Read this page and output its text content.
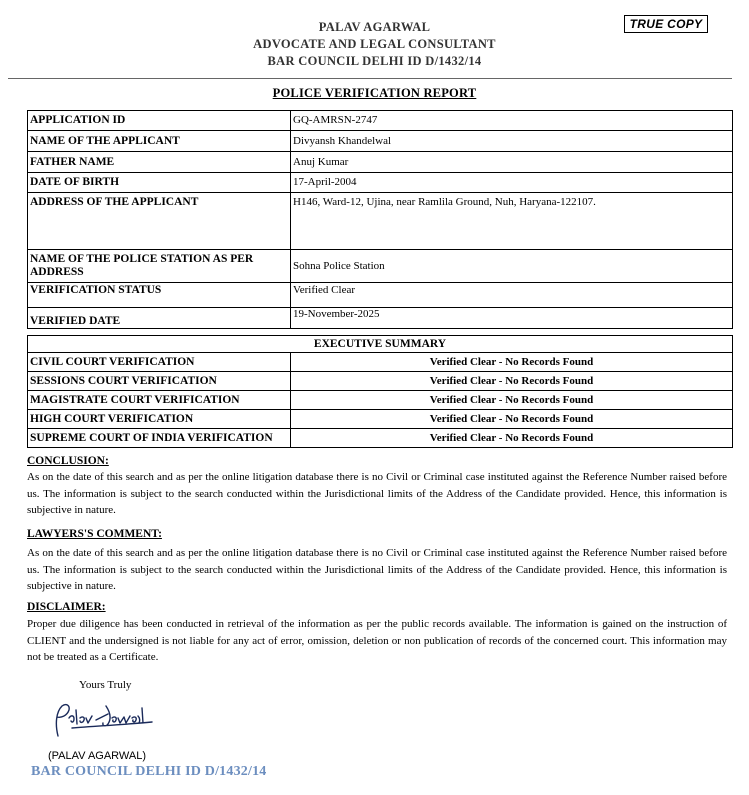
TRUE COPY
PALAV AGARWAL
ADVOCATE AND LEGAL CONSULTANT
BAR COUNCIL DELHI ID D/1432/14
POLICE VERIFICATION REPORT
APPLICATION ID	GQ-AMRSN-2747
NAME OF THE APPLICANT	Divyansh Khandelwal
FATHER NAME	Anuj Kumar
DATE OF BIRTH	17-April-2004
ADDRESS OF THE APPLICANT	H146, Ward-12, Ujina, near Ramlila Ground, Nuh, Haryana-122107.
NAME OF THE POLICE STATION AS PER ADDRESS	Sohna Police Station
VERIFICATION STATUS	Verified Clear
VERIFIED DATE	19-November-2025
EXECUTIVE SUMMARY	
CIVIL COURT VERIFICATION	Verified Clear - No Records Found
SESSIONS COURT VERIFICATION	Verified Clear - No Records Found
MAGISTRATE COURT VERIFICATION	Verified Clear - No Records Found
HIGH COURT VERIFICATION	Verified Clear - No Records Found
SUPREME COURT OF INDIA VERIFICATION	Verified Clear - No Records Found
CONCLUSION:
As on the date of this search and as per the online litigation database there is no Civil or Criminal case instituted against the Reference Number raised before us. The information is subject to the search conducted within the Jurisdictional limits of the Address of the Candidate provided. Hence, this information is subjective in nature.
LAWYERS'S COMMENT:
As on the date of this search and as per the online litigation database there is no Civil or Criminal case instituted against the Reference Number raised before us. The information is subject to the search conducted within the Jurisdictional limits of the Address of the Candidate provided. Hence, this information is subjective in nature.
DISCLAIMER:
Proper due diligence has been conducted in retrieval of the information as per the public records available. The information is gained on the instruction of CLIENT and the undersigned is not liable for any act of error, omission, deletion or non publication of records of the concerned court. This information may not be treated as a Certificate.
Yours Truly
(PALAV AGARWAL)
BAR COUNCIL DELHI ID D/1432/14
